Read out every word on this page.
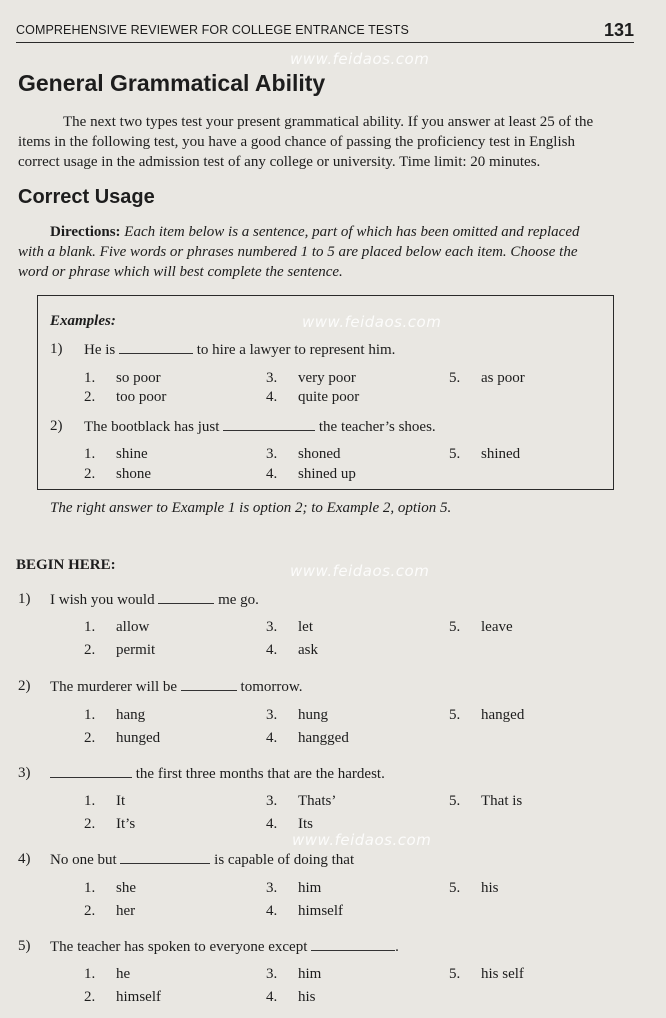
COMPREHENSIVE REVIEWER FOR COLLEGE ENTRANCE TESTS	131
www.feidaos.com
www.feidaos.com
www.feidaos.com
www.feidaos.com
General Grammatical Ability
The next two types test your present grammatical ability. If you answer at least 25 of the
items in the following test, you have a good chance of passing the proficiency test in English
correct usage in the admission test of any college or university. Time limit: 20 minutes.
Correct Usage
Directions: Each item below is a sentence, part of which has been omitted and replaced
with a blank. Five words or phrases numbered 1 to 5 are placed below each item. Choose the
word or phrase which will best complete the sentence.
Examples:
1) He is	to hire a lawyer to represent him.
1. so poor
2. too poor
3. very poor
4. quite poor
5. as poor
2) The bootblack has just	the teacher’s shoes.
1. shine
2. shone
3. shoned
4. shined up
5. shined
The right answer to Example 1 is option 2; to Example 2, option 5.
BEGIN HERE:
1) I wish you would	me go.
1. allow
2. permit
3. let
4. ask
5. leave
2) The murderer will be	tomorrow.
1. hang
2. hunged
3. hung
4. hangged
5. hanged
3)	the first three months that are the hardest.
1. It
2. It’s
3. Thats’
4. Its
5. That is
4) No one but	is capable of doing that
1. she
2. her
3. him
4. himself
5. his
5) The teacher has spoken to everyone except	.
1. he
2. himself
3. him
4. his
5. his self
